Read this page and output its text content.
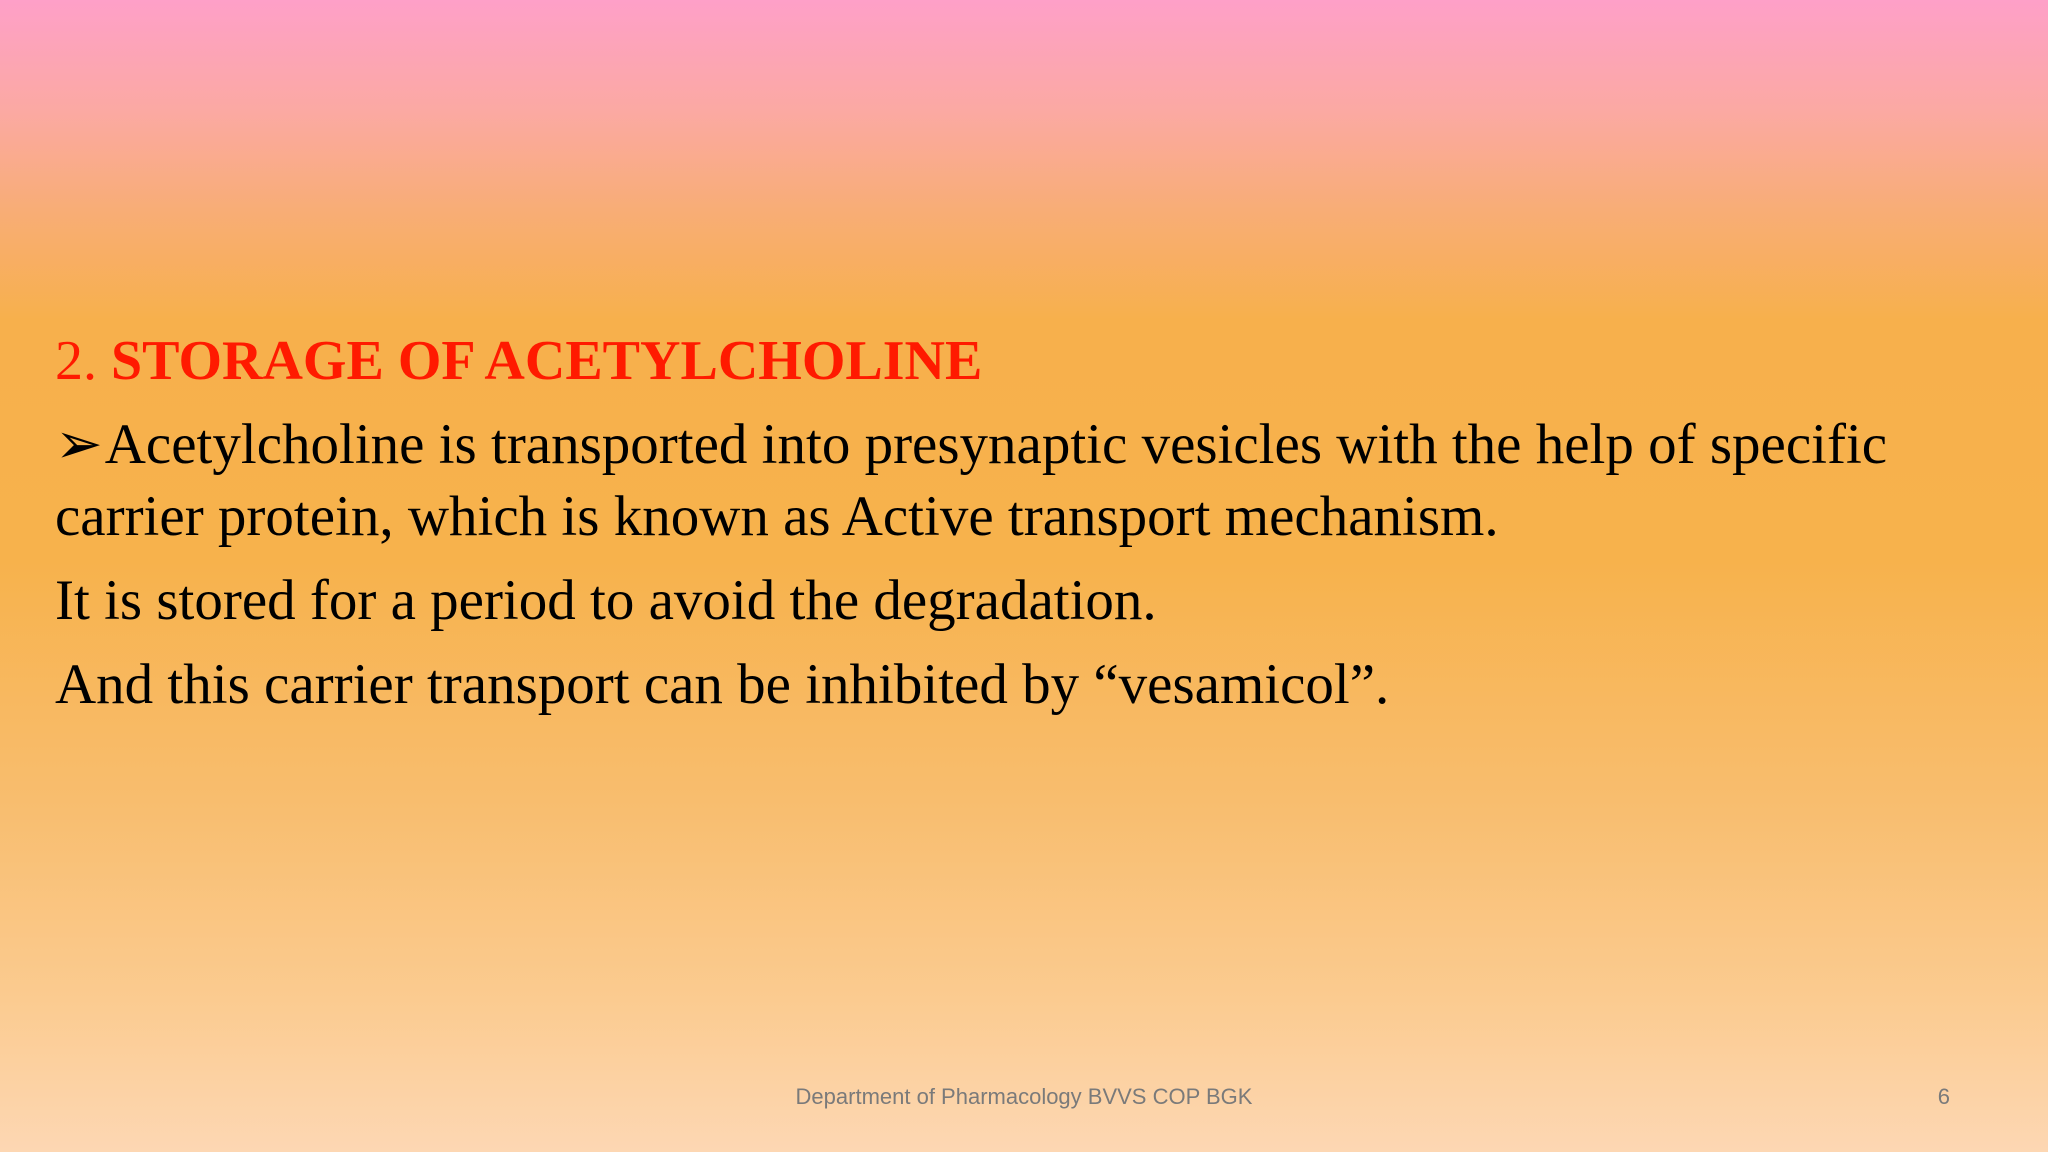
2. STORAGE OF ACETYLCHOLINE
➢Acetylcholine is transported into presynaptic vesicles with the help of specific carrier protein, which is known as Active transport mechanism.
It is stored for a period to avoid the degradation.
And this carrier transport can be inhibited by “vesamicol”.
Department of Pharmacology BVVS COP BGK	6
